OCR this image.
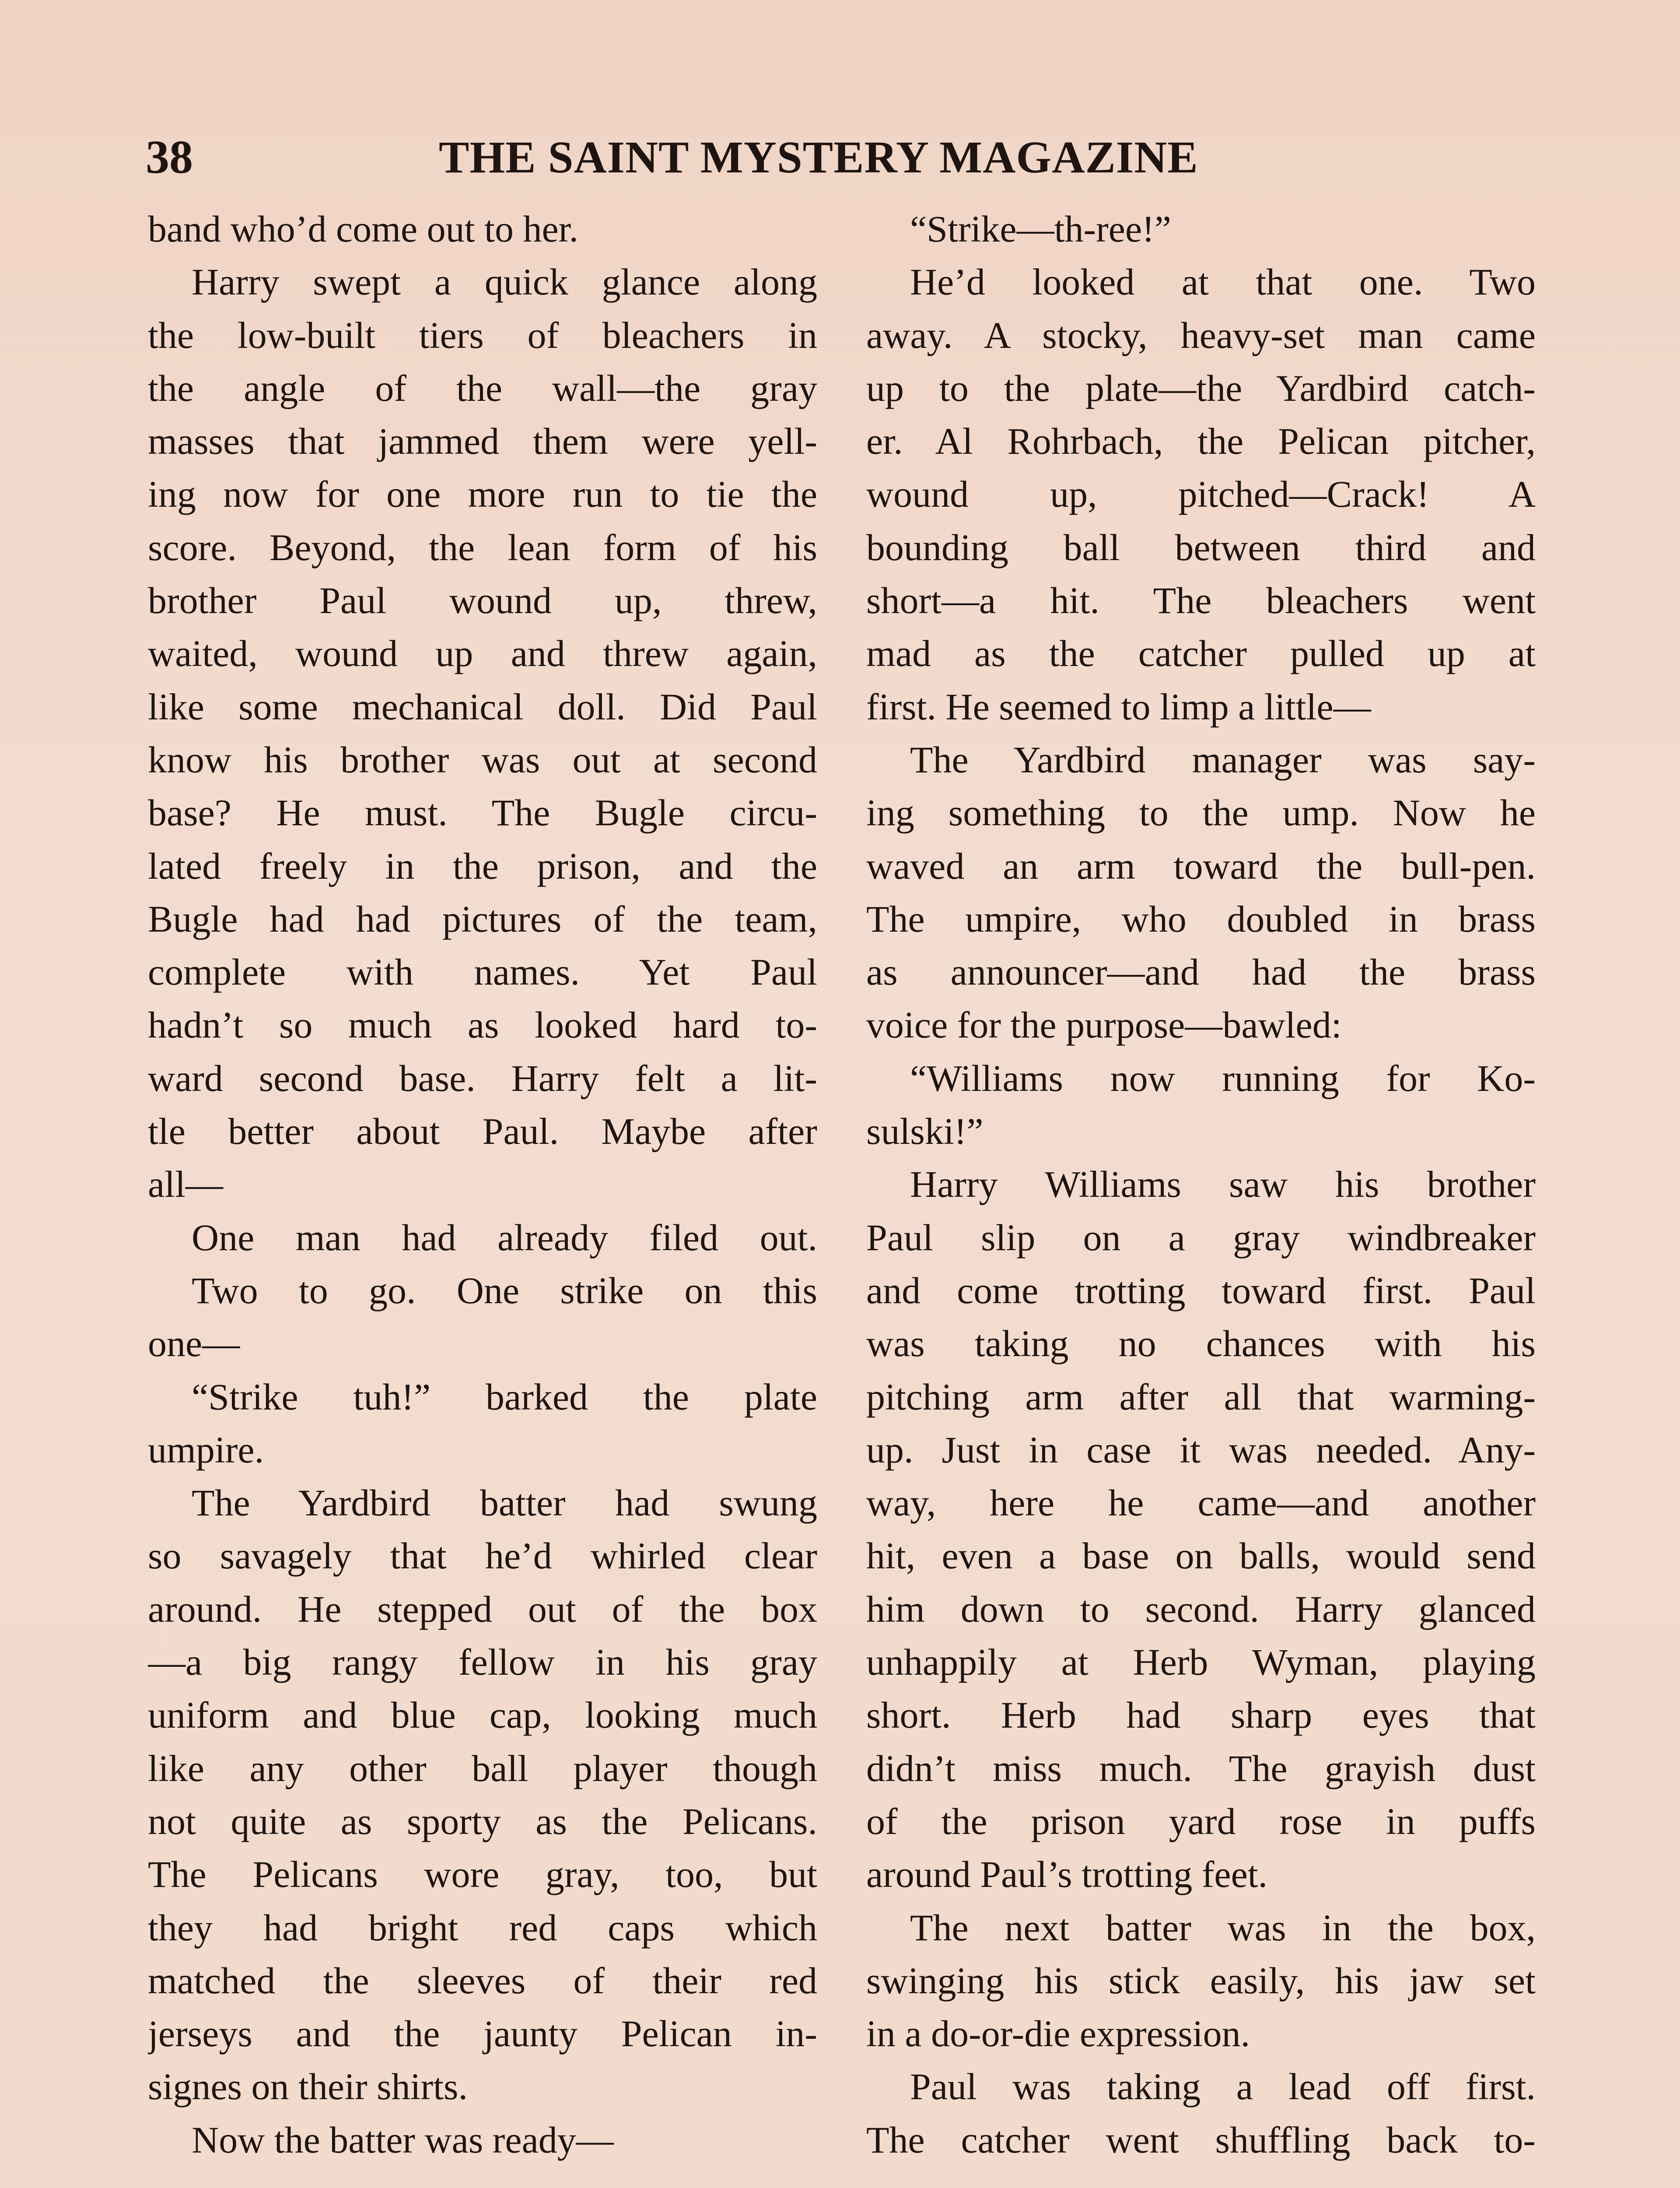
38	THE SAINT MYSTERY MAGAZINE
band who’d come out to her.
Harry swept a quick glance along
the low-built tiers of bleachers in
the angle of the wall—the gray
masses that jammed them were yell-
ing now for one more run to tie the
score. Beyond, the lean form of his
brother Paul wound up, threw,
waited, wound up and threw again,
like some mechanical doll. Did Paul
know his brother was out at second
base? He must. The Bugle circu-
lated freely in the prison, and the
Bugle had had pictures of the team,
complete with names. Yet Paul
hadn’t so much as looked hard to-
ward second base. Harry felt a lit-
tle better about Paul. Maybe after
all—
One man had already filed out.
Two to go. One strike on this
one—
“Strike tuh!” barked the plate
umpire.
The Yardbird batter had swung
so savagely that he’d whirled clear
around. He stepped out of the box
—a big rangy fellow in his gray
uniform and blue cap, looking much
like any other ball player though
not quite as sporty as the Pelicans.
The Pelicans wore gray, too, but
they had bright red caps which
matched the sleeves of their red
jerseys and the jaunty Pelican in-
signes on their shirts.
Now the batter was ready—
“Strike—th-ree!”
He’d looked at that one. Two
away. A stocky, heavy-set man came
up to the plate—the Yardbird catch-
er. Al Rohrbach, the Pelican pitcher,
wound up, pitched—Crack! A
bounding ball between third and
short—a hit. The bleachers went
mad as the catcher pulled up at
first. He seemed to limp a little—
The Yardbird manager was say-
ing something to the ump. Now he
waved an arm toward the bull-pen.
The umpire, who doubled in brass
as announcer—and had the brass
voice for the purpose—bawled:
“Williams now running for Ko-
sulski!”
Harry Williams saw his brother
Paul slip on a gray windbreaker
and come trotting toward first. Paul
was taking no chances with his
pitching arm after all that warming-
up. Just in case it was needed. Any-
way, here he came—and another
hit, even a base on balls, would send
him down to second. Harry glanced
unhappily at Herb Wyman, playing
short. Herb had sharp eyes that
didn’t miss much. The grayish dust
of the prison yard rose in puffs
around Paul’s trotting feet.
The next batter was in the box,
swinging his stick easily, his jaw set
in a do-or-die expression.
Paul was taking a lead off first.
The catcher went shuffling back to-
